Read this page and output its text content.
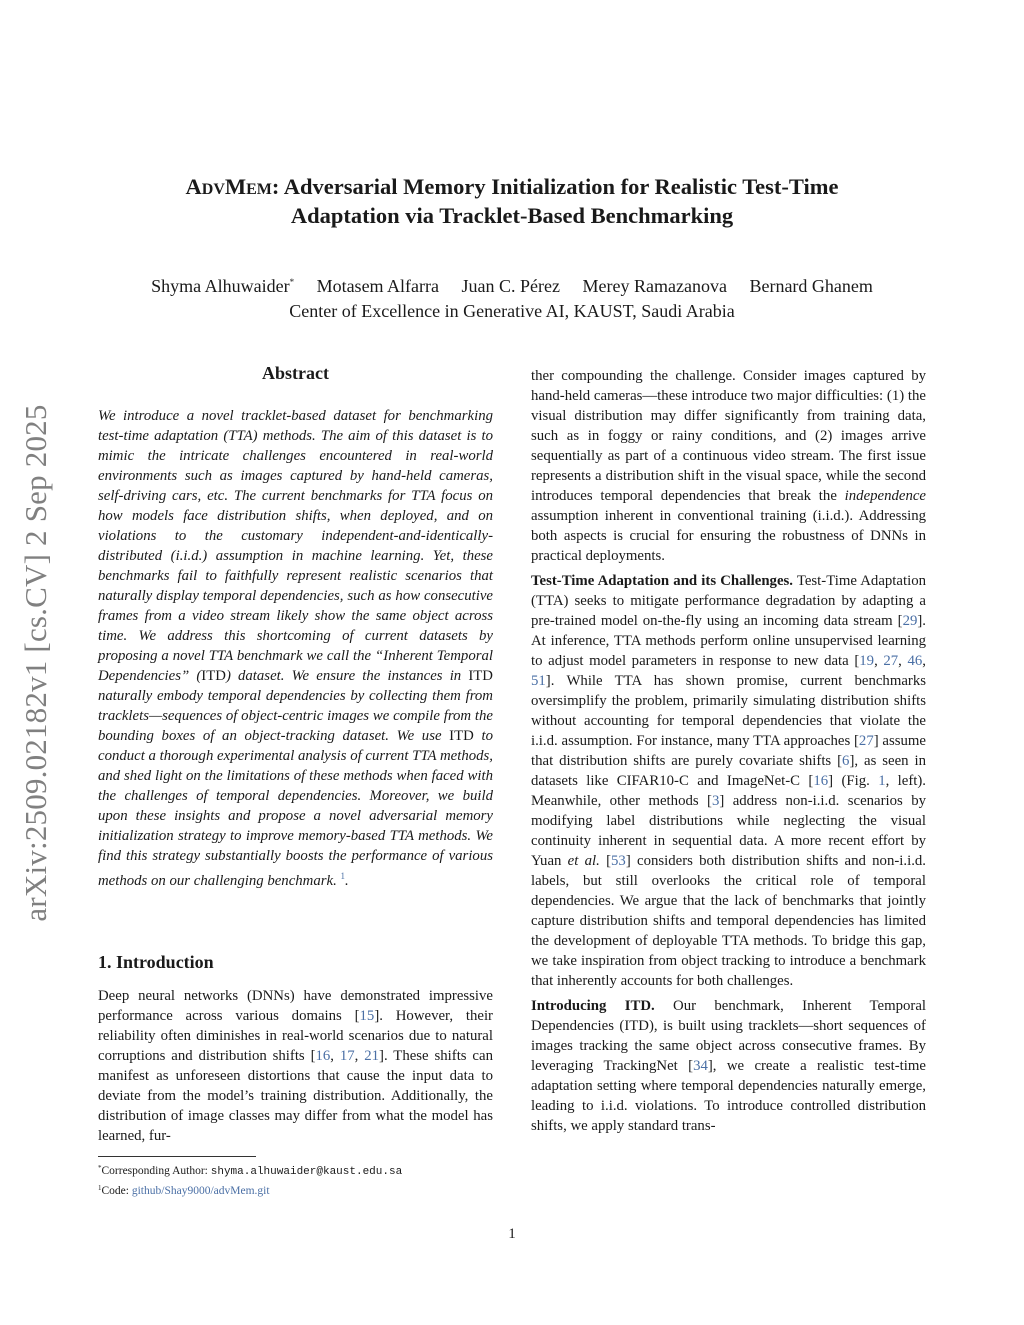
arXiv:2509.02182v1 [cs.CV] 2 Sep 2025
AdvMem: Adversarial Memory Initialization for Realistic Test-Time
Adaptation via Tracklet-Based Benchmarking
Shyma Alhuwaider* Motasem Alfarra Juan C. Pérez Merey Ramazanova Bernard Ghanem
Center of Excellence in Generative AI, KAUST, Saudi Arabia
Abstract
We introduce a novel tracklet-based dataset for benchmarking test-time adaptation (TTA) methods. The aim of this dataset is to mimic the intricate challenges encountered in real-world environments such as images captured by hand-held cameras, self-driving cars, etc. The current benchmarks for TTA focus on how models face distribution shifts, when deployed, and on violations to the customary independent-and-identically-distributed (i.i.d.) assumption in machine learning. Yet, these benchmarks fail to faithfully represent realistic scenarios that naturally display temporal dependencies, such as how consecutive frames from a video stream likely show the same object across time. We address this shortcoming of current datasets by proposing a novel TTA benchmark we call the “Inherent Temporal Dependencies” (ITD) dataset. We ensure the instances in ITD naturally embody temporal dependencies by collecting them from tracklets—sequences of object-centric images we compile from the bounding boxes of an object-tracking dataset. We use ITD to conduct a thorough experimental analysis of current TTA methods, and shed light on the limitations of these methods when faced with the challenges of temporal dependencies. Moreover, we build upon these insights and propose a novel adversarial memory initialization strategy to improve memory-based TTA methods. We find this strategy substantially boosts the performance of various methods on our challenging benchmark. $^1$.
1. Introduction
Deep neural networks (DNNs) have demonstrated impressive performance across various domains [15]. However, their reliability often diminishes in real-world scenarios due to natural corruptions and distribution shifts [16, 17, 21]. These shifts can manifest as unforeseen distortions that cause the input data to deviate from the model’s training distribution. Additionally, the distribution of image classes may differ from what the model has learned, fur-
*Corresponding Author: shyma.alhuwaider@kaust.edu.sa
$^1$Code: github/Shay9000/advMem.git

ther compounding the challenge. Consider images captured by hand-held cameras—these introduce two major difficulties: (1) the visual distribution may differ significantly from training data, such as in foggy or rainy conditions, and (2) images arrive sequentially as part of a continuous video stream. The first issue represents a distribution shift in the visual space, while the second introduces temporal dependencies that break the independence assumption inherent in conventional training (i.i.d.). Addressing both aspects is crucial for ensuring the robustness of DNNs in practical deployments.

Test-Time Adaptation and its Challenges. Test-Time Adaptation (TTA) seeks to mitigate performance degradation by adapting a pre-trained model on-the-fly using an incoming data stream [29]. At inference, TTA methods perform online unsupervised learning to adjust model parameters in response to new data [19, 27, 46, 51]. While TTA has shown promise, current benchmarks oversimplify the problem, primarily simulating distribution shifts without accounting for temporal dependencies that violate the i.i.d. assumption. For instance, many TTA approaches [27] assume that distribution shifts are purely covariate shifts [6], as seen in datasets like CIFAR10-C and ImageNet-C [16] (Fig. 1, left). Meanwhile, other methods [3] address non-i.i.d. scenarios by modifying label distributions while neglecting the visual continuity inherent in sequential data. A more recent effort by Yuan et al. [53] considers both distribution shifts and non-i.i.d. labels, but still overlooks the critical role of temporal dependencies. We argue that the lack of benchmarks that jointly capture distribution shifts and temporal dependencies has limited the development of deployable TTA methods. To bridge this gap, we take inspiration from object tracking to introduce a benchmark that inherently accounts for both challenges.

Introducing ITD. Our benchmark, Inherent Temporal Dependencies (ITD), is built using tracklets—short sequences of images tracking the same object across consecutive frames. By leveraging TrackingNet [34], we create a realistic test-time adaptation setting where temporal dependencies naturally emerge, leading to i.i.d. violations. To introduce controlled distribution shifts, we apply standard trans-

1
